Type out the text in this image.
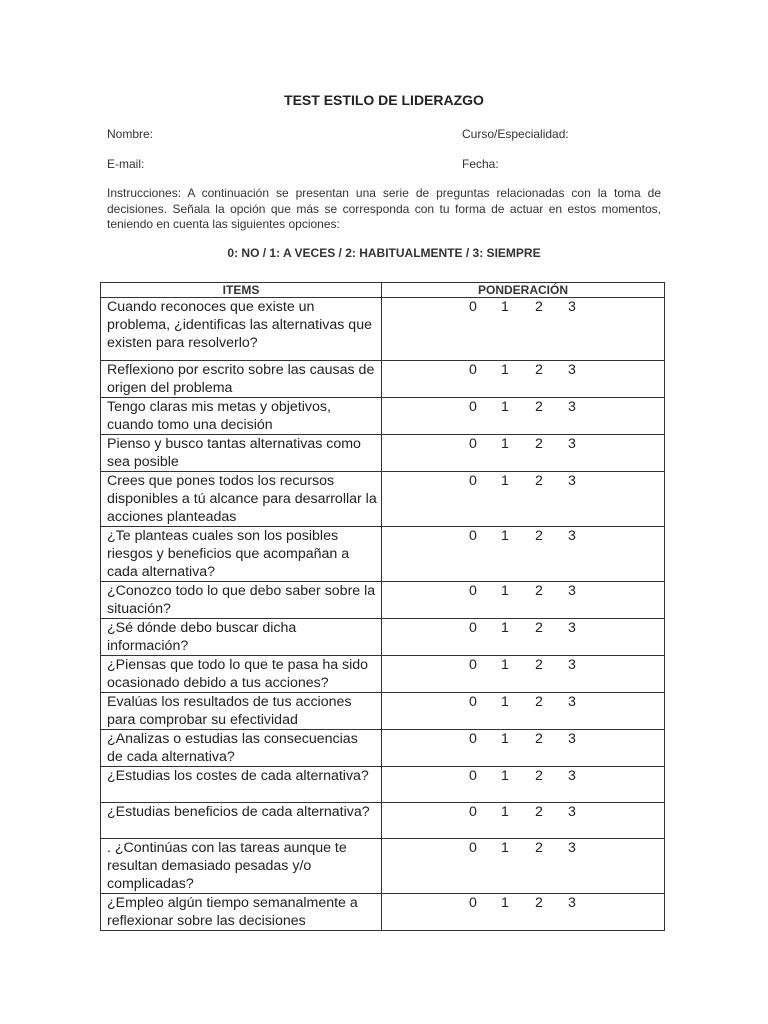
TEST ESTILO DE LIDERAZGO
Nombre:	Curso/Especialidad:
E-mail:	Fecha:
Instrucciones: A continuación se presentan una serie de preguntas relacionadas con la toma de decisiones. Señala la opción que más se corresponda con tu forma de actuar en estos momentos, teniendo en cuenta las siguientes opciones:
0: NO / 1: A VECES / 2: HABITUALMENTE / 3: SIEMPRE
ITEMS	PONDERACIÓN
Cuando reconoces que existe un problema, ¿identificas las alternativas que existen para resolverlo?	0 1 2 3

Reflexiono por escrito sobre las causas de origen del problema	0 1 2 3

Tengo claras mis metas y objetivos, cuando tomo una decisión	0 1 2 3

Pienso y busco tantas alternativas como sea posible	0 1 2 3

Crees que pones todos los recursos disponibles a tú alcance para desarrollar la acciones planteadas	0 1 2 3

¿Te planteas cuales son los posibles riesgos y beneficios que acompañan a cada alternativa?	0 1 2 3

¿Conozco todo lo que debo saber sobre la situación?	0 1 2 3

¿Sé dónde debo buscar dicha información?	0 1 2 3

¿Piensas que todo lo que te pasa ha sido ocasionado debido a tus acciones?	0 1 2 3

Evalúas los resultados de tus acciones para comprobar su efectividad	0 1 2 3

¿Analizas o estudias las consecuencias de cada alternativa?	0 1 2 3

¿Estudias los costes de cada alternativa?	0 1 2 3

¿Estudias beneficios de cada alternativa?	0 1 2 3

. ¿Continúas con las tareas aunque te resultan demasiado pesadas y/o complicadas?	0 1 2 3

¿Empleo algún tiempo semanalmente a reflexionar sobre las decisiones	0 1 2 3
